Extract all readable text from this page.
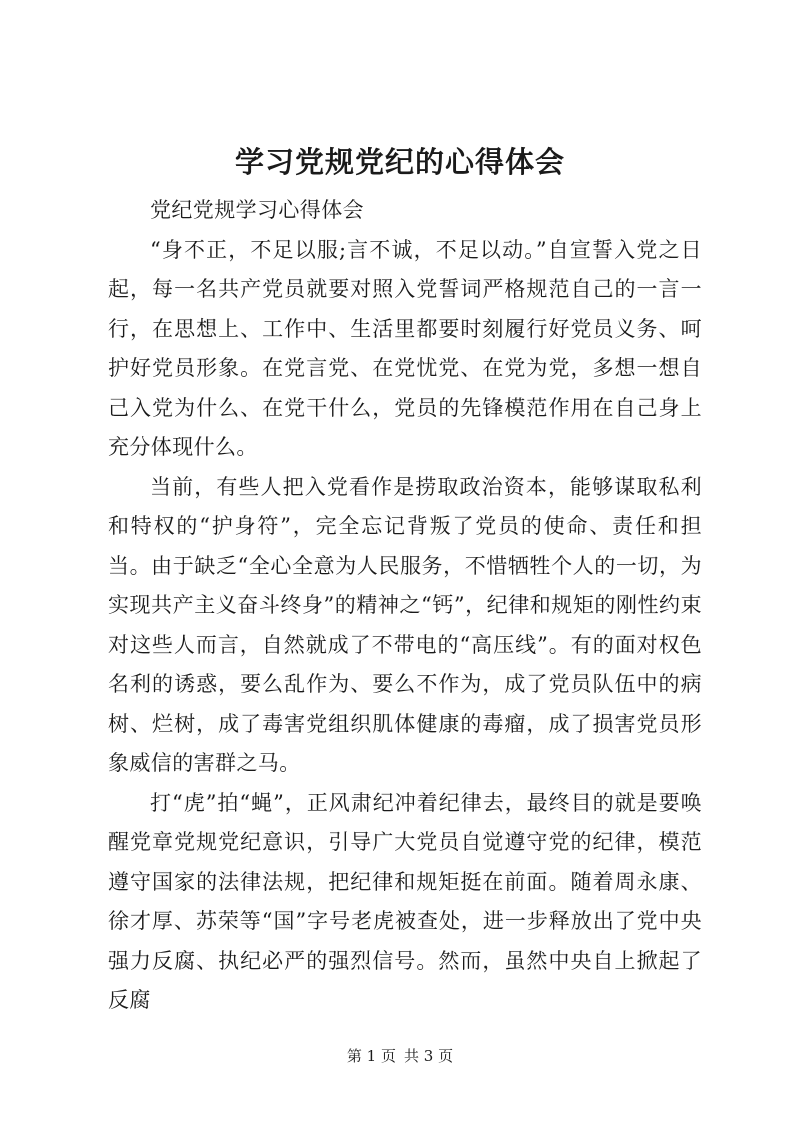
学习党规党纪的心得体会

党纪党规学习心得体会

“身不正，不足以服;言不诚，不足以动。”自宣誓入党之日起，每一名共产党员就要对照入党誓词严格规范自己的一言一行，在思想上、工作中、生活里都要时刻履行好党员义务、呵护好党员形象。在党言党、在党忧党、在党为党，多想一想自己入党为什么、在党干什么，党员的先锋模范作用在自己身上充分体现什么。

当前，有些人把入党看作是捞取政治资本，能够谋取私利和特权的“护身符”，完全忘记背叛了党员的使命、责任和担当。由于缺乏“全心全意为人民服务，不惜牺牲个人的一切，为实现共产主义奋斗终身”的精神之“钙”，纪律和规矩的刚性约束对这些人而言，自然就成了不带电的“高压线”。有的面对权色名利的诱惑，要么乱作为、要么不作为，成了党员队伍中的病树、烂树，成了毒害党组织肌体健康的毒瘤，成了损害党员形象威信的害群之马。

打“虎”拍“蝇”，正风肃纪冲着纪律去，最终目的就是要唤醒党章党规党纪意识，引导广大党员自觉遵守党的纪律，模范遵守国家的法律法规，把纪律和规矩挺在前面。随着周永康、徐才厚、苏荣等“国”字号老虎被查处，进一步释放出了党中央强力反腐、执纪必严的强烈信号。然而，虽然中央自上掀起了反腐

第 1 页 共 3 页
